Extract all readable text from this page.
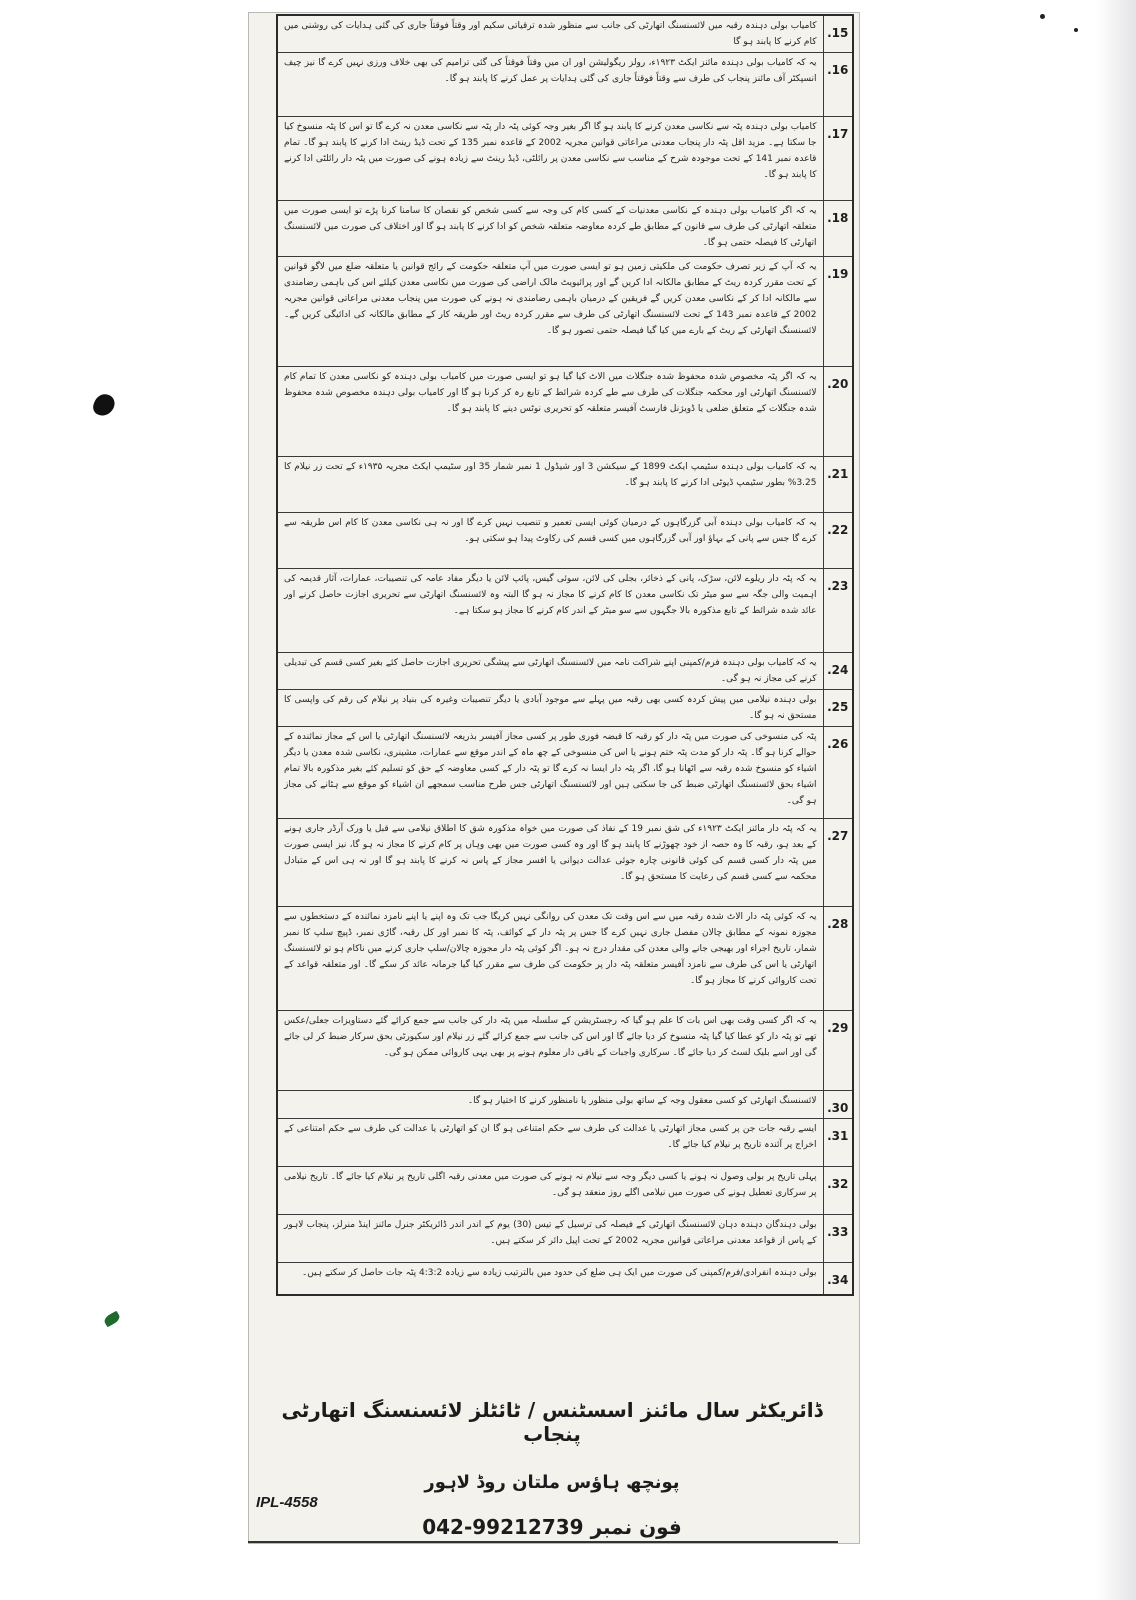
15.	کامیاب بولی دہندہ رقبہ میں لائسنسنگ اتھارٹی کی جانب سے منظور شدہ ترقیاتی سکیم اور وقتاً فوقتاً جاری کی گئی ہدایات کی روشنی میں کام کرنے کا پابند ہو گا
16.	یہ کہ کامیاب بولی دہندہ مائنز ایکٹ ۱۹۲۳ء، رولز ریگولیشن اور ان میں وقتاً فوقتاً کی گئی ترامیم کی بھی خلاف ورزی نہیں کرے گا نیز چیف انسپکٹر آف مائنز پنجاب کی طرف سے وقتاً فوقتاً جاری کی گئی ہدایات پر عمل کرنے کا پابند ہو گا۔
17.	کامیاب بولی دہندہ پٹہ سے نکاسی معدن کرنے کا پابند ہو گا اگر بغیر وجہ کوئی پٹہ دار پٹہ سے نکاسی معدن نہ کرے گا تو اس کا پٹہ منسوخ کیا جا سکتا ہے۔ مزید اقل پٹہ دار پنجاب معدنی مراعاتی قوانین مجریہ 2002 کے قاعدہ نمبر 135 کے تحت ڈیڈ رینٹ ادا کرنے کا پابند ہو گا۔ تمام قاعدہ نمبر 141 کے تحت موجودہ شرح کے مناسب سے نکاسی معدن پر رائلٹی، ڈیڈ رینٹ سے زیادہ ہونے کی صورت میں پٹہ دار رائلٹی ادا کرنے کا پابند ہو گا۔
18.	یہ کہ اگر کامیاب بولی دہندہ کے نکاسی معدنیات کے کسی کام کی وجہ سے کسی شخص کو نقصان کا سامنا کرنا پڑے تو ایسی صورت میں متعلقہ اتھارٹی کی طرف سے قانون کے مطابق طے کردہ معاوضہ متعلقہ شخص کو ادا کرنے کا پابند ہو گا اور اختلاف کی صورت میں لائسنسنگ اتھارٹی کا فیصلہ حتمی ہو گا۔
19.	یہ کہ آپ کے زیر تصرف حکومت کی ملکیتی زمین ہو تو ایسی صورت میں آپ متعلقہ حکومت کے رائج قوانین یا متعلقہ ضلع میں لاگو قوانین کے تحت مقرر کردہ ریٹ کے مطابق مالکانہ ادا کریں گے اور پرائیویٹ مالک اراضی کی صورت میں نکاسی معدن کیلئے اس کی باہمی رضامندی سے مالکانہ ادا کر کے نکاسی معدن کریں گے فریقین کے درمیان باہمی رضامندی نہ ہونے کی صورت میں پنجاب معدنی مراعاتی قوانین مجریہ 2002 کے قاعدہ نمبر 143 کے تحت لائسنسنگ اتھارٹی کی طرف سے مقرر کردہ ریٹ اور طریقہ کار کے مطابق مالکانہ کی ادائیگی کریں گے۔ لائسنسنگ اتھارٹی کے ریٹ کے بارے میں کیا گیا فیصلہ حتمی تصور ہو گا۔
20.	یہ کہ اگر پٹہ مخصوص شدہ محفوظ شدہ جنگلات میں الاٹ کیا گیا ہو تو ایسی صورت میں کامیاب بولی دہندہ کو نکاسی معدن کا تمام کام لائسنسنگ اتھارٹی اور محکمہ جنگلات کی طرف سے طے کردہ شرائط کے تابع رہ کر کرنا ہو گا اور کامیاب بولی دہندہ مخصوص شدہ محفوظ شدہ جنگلات کے متعلق ضلعی یا ڈویژنل فارسٹ آفیسر متعلقہ کو تحریری نوٹس دینے کا پابند ہو گا۔
21.	یہ کہ کامیاب بولی دہندہ سٹیمپ ایکٹ 1899 کے سیکشن 3 اور شیڈول 1 نمبر شمار 35 اور سٹیمپ ایکٹ مجریہ ۱۹۳۵ء کے تحت زر نیلام کا 3.25% بطور سٹیمپ ڈیوٹی ادا کرنے کا پابند ہو گا۔
22.	یہ کہ کامیاب بولی دہندہ آبی گزرگاہوں کے درمیان کوئی ایسی تعمیر و تنصیب نہیں کرے گا اور نہ ہی نکاسی معدن کا کام اس طریقہ سے کرے گا جس سے پانی کے بہاؤ اور آبی گزرگاہوں میں کسی قسم کی رکاوٹ پیدا ہو سکتی ہو۔
23.	یہ کہ پٹہ دار ریلوے لائن، سڑک، پانی کے ذخائر، بجلی کی لائن، سوئی گیس، پائپ لائن یا دیگر مفاد عامہ کی تنصیبات، عمارات، آثار قدیمہ کی اہمیت والی جگہ سے سو میٹر تک نکاسی معدن کا کام کرنے کا مجاز نہ ہو گا البتہ وہ لائسنسنگ اتھارٹی سے تحریری اجازت حاصل کرنے اور عائد شدہ شرائط کے تابع مذکورہ بالا جگہوں سے سو میٹر کے اندر کام کرنے کا مجاز ہو سکتا ہے۔
24.	یہ کہ کامیاب بولی دہندہ فرم/کمپنی اپنے شراکت نامہ میں لائسنسنگ اتھارٹی سے پیشگی تحریری اجازت حاصل کئے بغیر کسی قسم کی تبدیلی کرنے کی مجاز نہ ہو گی۔
25.	بولی دہندہ نیلامی میں پیش کردہ کسی بھی رقبہ میں پہلے سے موجود آبادی یا دیگر تنصیبات وغیرہ کی بنیاد پر نیلام کی رقم کی واپسی کا مستحق نہ ہو گا۔
26.	پٹہ کی منسوخی کی صورت میں پٹہ دار کو رقبہ کا قبضہ فوری طور پر کسی مجاز آفیسر بذریعہ لائسنسنگ اتھارٹی یا اس کے مجاز نمائندہ کے حوالے کرنا ہو گا۔ پٹہ دار کو مدت پٹہ ختم ہونے یا اس کی منسوخی کے چھ ماہ کے اندر موقع سے عمارات، مشینری، نکاسی شدہ معدن یا دیگر اشیاء کو منسوخ شدہ رقبہ سے اٹھانا ہو گا، اگر پٹہ دار ایسا نہ کرے گا تو پٹہ دار کے کسی معاوضہ کے حق کو تسلیم کئے بغیر مذکورہ بالا تمام اشیاء بحق لائسنسنگ اتھارٹی ضبط کی جا سکتی ہیں اور لائسنسنگ اتھارٹی جس طرح مناسب سمجھے ان اشیاء کو موقع سے ہٹانے کی مجاز ہو گی۔
27.	یہ کہ پٹہ دار مائنز ایکٹ ۱۹۲۳ء کی شق نمبر 19 کے نفاذ کی صورت میں خواہ مذکورہ شق کا اطلاق نیلامی سے قبل یا ورک آرڈر جاری ہونے کے بعد ہو، رقبہ کا وہ حصہ از خود چھوڑنے کا پابند ہو گا اور وہ کسی صورت میں بھی وہاں پر کام کرنے کا مجاز نہ ہو گا، نیز ایسی صورت میں پٹہ دار کسی قسم کی کوئی قانونی چارہ جوئی عدالت دیوانی یا افسر مجاز کے پاس نہ کرنے کا پابند ہو گا اور نہ ہی اس کے متبادل محکمہ سے کسی قسم کی رعایت کا مستحق ہو گا۔
28.	یہ کہ کوئی پٹہ دار الاٹ شدہ رقبہ میں سے اس وقت تک معدن کی روانگی نہیں کریگا جب تک وہ اپنے یا اپنے نامزد نمائندہ کے دستخطوں سے مجوزہ نمونہ کے مطابق چالان مفصل جاری نہیں کرے گا جس پر پٹہ دار کے کوائف، پٹہ کا نمبر اور کل رقبہ، گاڑی نمبر، ڈپیچ سلپ کا نمبر شمار، تاریخ اجراء اور بھیجی جانے والی معدن کی مقدار درج نہ ہو۔ اگر کوئی پٹہ دار مجوزہ چالان/سلپ جاری کرنے میں ناکام ہو تو لائسنسنگ اتھارٹی یا اس کی طرف سے نامزد آفیسر متعلقہ پٹہ دار پر حکومت کی طرف سے مقرر کیا گیا جرمانہ عائد کر سکے گا۔ اور متعلقہ قواعد کے تحت کاروائی کرنے کا مجاز ہو گا۔
29.	یہ کہ اگر کسی وقت بھی اس بات کا علم ہو گیا کہ رجسٹریشن کے سلسلہ میں پٹہ دار کی جانب سے جمع کرائے گئے دستاویزات جعلی/عکس تھے تو پٹہ دار کو عطا کیا گیا پٹہ منسوخ کر دیا جائے گا اور اس کی جانب سے جمع کرائے گئے زر نیلام اور سکیورٹی بحق سرکار ضبط کر لی جائے گی اور اسے بلیک لسٹ کر دیا جائے گا۔ سرکاری واجبات کے باقی دار معلوم ہونے پر بھی یہی کاروائی ممکن ہو گی۔
30.	لائسنسنگ اتھارٹی کو کسی معقول وجہ کے ساتھ بولی منظور یا نامنظور کرنے کا اختیار ہو گا۔
31.	ایسے رقبہ جات جن پر کسی مجاز اتھارٹی یا عدالت کی طرف سے حکم امتناعی ہو گا ان کو اتھارٹی یا عدالت کی طرف سے حکم امتناعی کے اخراج پر آئندہ تاریخ پر نیلام کیا جائے گا۔
32.	پہلی تاریخ پر بولی وصول نہ ہونے یا کسی دیگر وجہ سے نیلام نہ ہونے کی صورت میں معدنی رقبہ اگلی تاریخ پر نیلام کیا جائے گا۔ تاریخ نیلامی پر سرکاری تعطیل ہونے کی صورت میں نیلامی اگلے روز منعقد ہو گی۔
33.	بولی دہندگان دہندہ دہان لائسنسنگ اتھارٹی کے فیصلہ کی ترسیل کے تیس (30) یوم کے اندر اندر ڈائریکٹر جنرل مائنز اینڈ منرلز، پنجاب لاہور کے پاس از قواعد معدنی مراعاتی قوانین مجریہ 2002 کے تحت اپیل دائر کر سکتے ہیں۔
34.	بولی دہندہ انفرادی/فرم/کمپنی کی صورت میں ایک ہی ضلع کی حدود میں بالترتیب زیادہ سے زیادہ 4:3:2 پٹہ جات حاصل کر سکتے ہیں۔
ڈائریکٹر سال مائنز اسسٹنس / ٹائٹلز لائسنسنگ اتھارٹی پنجاب
پونچھ ہاؤس ملتان روڈ لاہور
فون نمبر 042-99212739
IPL-4558
